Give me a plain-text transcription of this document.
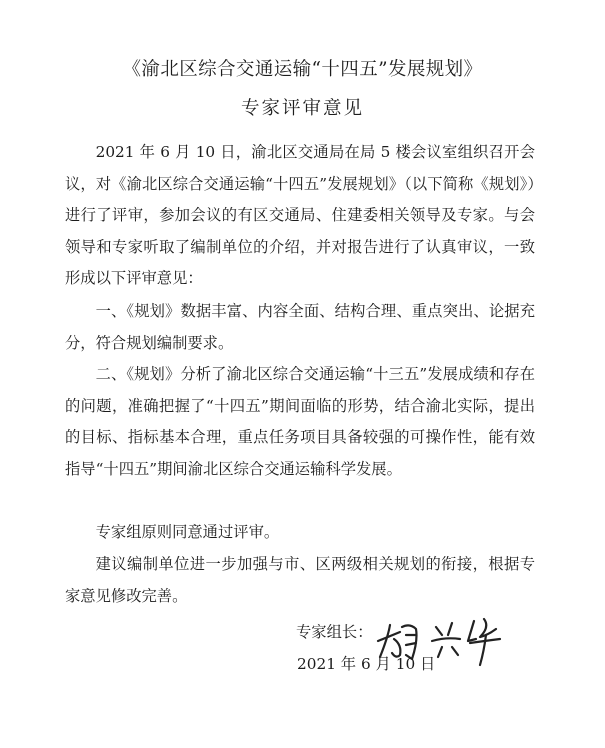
《渝北区综合交通运输“十四五”发展规划》
专家评审意见

2021 年 6 月 10 日，渝北区交通局在局 5 楼会议室组织召开会议，对《渝北区综合交通运输“十四五”发展规划》（以下简称《规划》）进行了评审，参加会议的有区交通局、住建委相关领导及专家。与会领导和专家听取了编制单位的介绍，并对报告进行了认真审议，一致形成以下评审意见：

一、《规划》数据丰富、内容全面、结构合理、重点突出、论据充分，符合规划编制要求。

二、《规划》分析了渝北区综合交通运输“十三五”发展成绩和存在的问题，准确把握了“十四五”期间面临的形势，结合渝北实际，提出的目标、指标基本合理，重点任务项目具备较强的可操作性，能有效指导“十四五”期间渝北区综合交通运输科学发展。

专家组原则同意通过评审。

建议编制单位进一步加强与市、区两级相关规划的衔接，根据专家意见修改完善。

专家组长：
2021 年 6 月 10 日
